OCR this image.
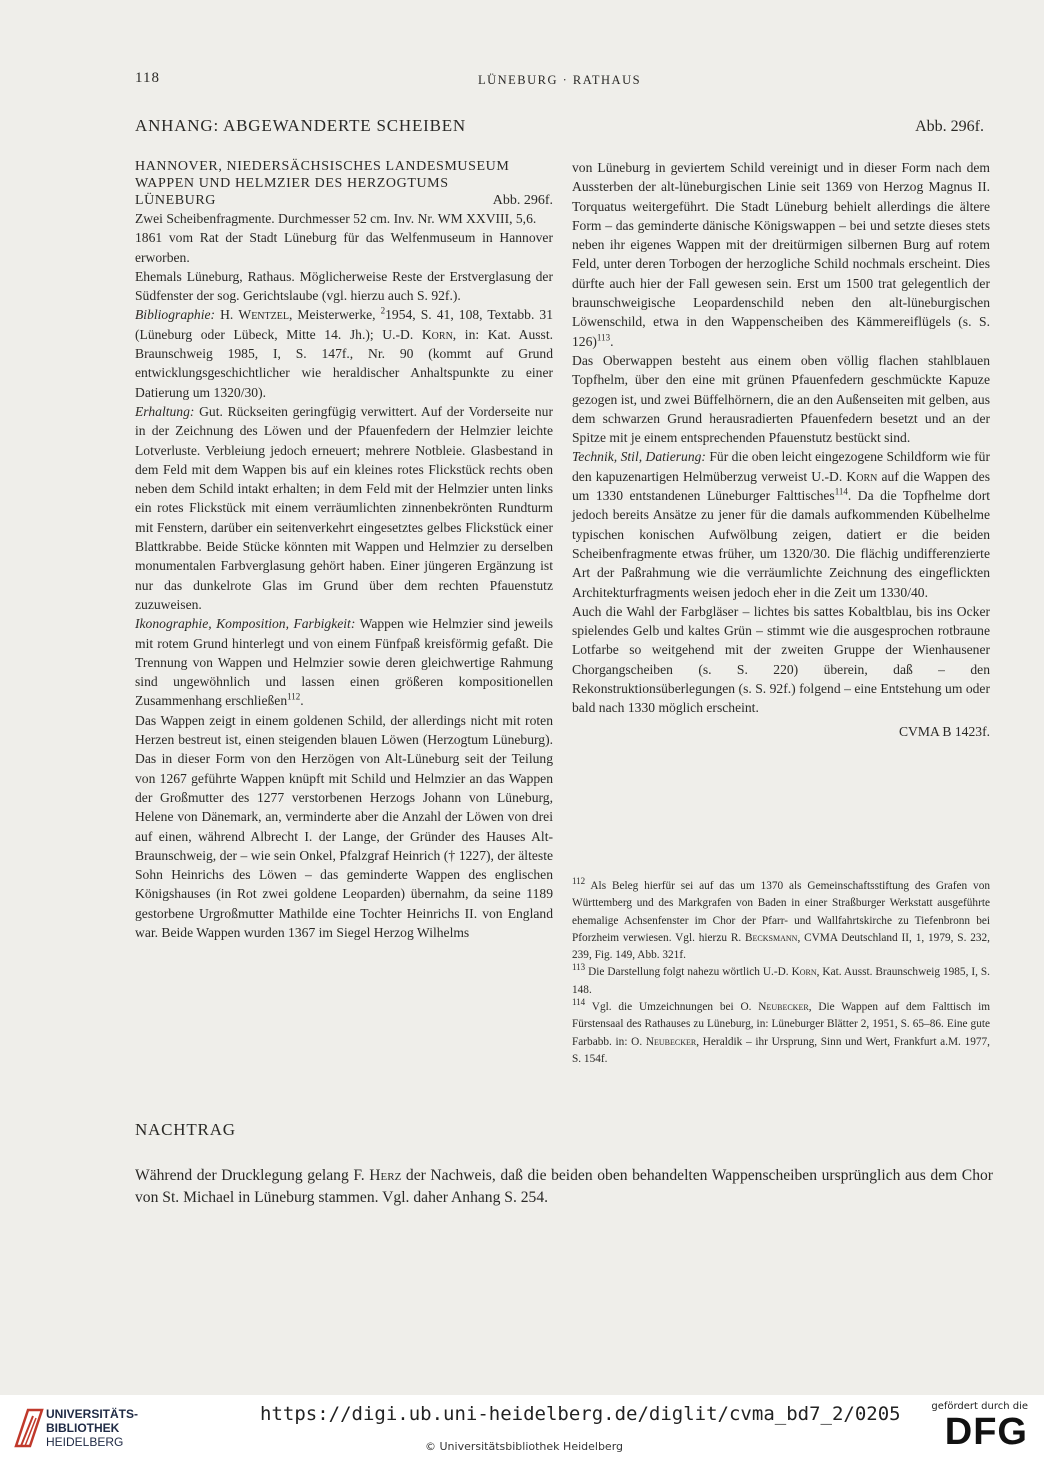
118	LÜNEBURG · RATHAUS
ANHANG: ABGEWANDERTE SCHEIBEN	Abb. 296f.
HANNOVER, NIEDERSÄCHSISCHES LANDESMUSEUM
WAPPEN UND HELMZIER DES HERZOGTUMS
LÜNEBURG	Abb. 296f.

Zwei Scheibenfragmente. Durchmesser 52 cm. Inv. Nr. WM XXVIII, 5,6.

1861 vom Rat der Stadt Lüneburg für das Welfenmuseum in Hannover erworben.

Ehemals Lüneburg, Rathaus. Möglicherweise Reste der Erstverglasung der Südfenster der sog. Gerichtslaube (vgl. hierzu auch S. 92f.).

Bibliographie: H. Wentzel, Meisterwerke, $^2$1954, S. 41, 108, Textabb. 31 (Lüneburg oder Lübeck, Mitte 14. Jh.); U.-D. Korn, in: Kat. Ausst. Braunschweig 1985, I, S. 147f., Nr. 90 (kommt auf Grund entwicklungsgeschichtlicher wie heraldischer Anhaltspunkte zu einer Datierung um 1320/30).

Erhaltung: Gut. Rückseiten geringfügig verwittert. Auf der Vorderseite nur in der Zeichnung des Löwen und der Pfauenfedern der Helmzier leichte Lotverluste. Verbleiung jedoch erneuert; mehrere Notbleie. Glasbestand in dem Feld mit dem Wappen bis auf ein kleines rotes Flickstück rechts oben neben dem Schild intakt erhalten; in dem Feld mit der Helmzier unten links ein rotes Flickstück mit einem verräumlichten zinnenbekrönten Rundturm mit Fenstern, darüber ein seitenverkehrt eingesetztes gelbes Flickstück einer Blattkrabbe. Beide Stücke könnten mit Wappen und Helmzier zu derselben monumentalen Farbverglasung gehört haben. Einer jüngeren Ergänzung ist nur das dunkelrote Glas im Grund über dem rechten Pfauenstutz zuzuweisen.

Ikonographie, Komposition, Farbigkeit: Wappen wie Helmzier sind jeweils mit rotem Grund hinterlegt und von einem Fünfpaß kreisförmig gefaßt. Die Trennung von Wappen und Helmzier sowie deren gleichwertige Rahmung sind ungewöhnlich und lassen einen größeren kompositionellen Zusammenhang erschließen$^{112}$.

Das Wappen zeigt in einem goldenen Schild, der allerdings nicht mit roten Herzen bestreut ist, einen steigenden blauen Löwen (Herzogtum Lüneburg). Das in dieser Form von den Herzögen von Alt-Lüneburg seit der Teilung von 1267 geführte Wappen knüpft mit Schild und Helmzier an das Wappen der Großmutter des 1277 verstorbenen Herzogs Johann von Lüneburg, Helene von Dänemark, an, verminderte aber die Anzahl der Löwen von drei auf einen, während Albrecht I. der Lange, der Gründer des Hauses Alt-Braunschweig, der – wie sein Onkel, Pfalzgraf Heinrich († 1227), der älteste Sohn Heinrichs des Löwen – das geminderte Wappen des englischen Königshauses (in Rot zwei goldene Leoparden) übernahm, da seine 1189 gestorbene Urgroßmutter Mathilde eine Tochter Heinrichs II. von England war. Beide Wappen wurden 1367 im Siegel Herzog Wilhelms

von Lüneburg in geviertem Schild vereinigt und in dieser Form nach dem Aussterben der alt-lüneburgischen Linie seit 1369 von Herzog Magnus II. Torquatus weitergeführt. Die Stadt Lüneburg behielt allerdings die ältere Form – das geminderte dänische Königswappen – bei und setzte dieses stets neben ihr eigenes Wappen mit der dreitürmigen silbernen Burg auf rotem Feld, unter deren Torbogen der herzogliche Schild nochmals erscheint. Dies dürfte auch hier der Fall gewesen sein. Erst um 1500 trat gelegentlich der braunschweigische Leopardenschild neben den alt-lüneburgischen Löwenschild, etwa in den Wappenscheiben des Kämmereiflügels (s. S. 126)$^{113}$.

Das Oberwappen besteht aus einem oben völlig flachen stahlblauen Topfhelm, über den eine mit grünen Pfauenfedern geschmückte Kapuze gezogen ist, und zwei Büffelhörnern, die an den Außenseiten mit gelben, aus dem schwarzen Grund herausradierten Pfauenfedern besetzt und an der Spitze mit je einem entsprechenden Pfauenstutz bestückt sind.

Technik, Stil, Datierung: Für die oben leicht eingezogene Schildform wie für den kapuzenartigen Helmüberzug verweist U.-D. Korn auf die Wappen des um 1330 entstandenen Lüneburger Falttisches$^{114}$. Da die Topfhelme dort jedoch bereits Ansätze zu jener für die damals aufkommenden Kübelhelme typischen konischen Aufwölbung zeigen, datiert er die beiden Scheibenfragmente etwas früher, um 1320/30. Die flächig undifferenzierte Art der Paßrahmung wie die verräumlichte Zeichnung des eingeflickten Architekturfragments weisen jedoch eher in die Zeit um 1330/40.

Auch die Wahl der Farbgläser – lichtes bis sattes Kobaltblau, bis ins Ocker spielendes Gelb und kaltes Grün – stimmt wie die ausgesprochen rotbraune Lotfarbe so weitgehend mit der zweiten Gruppe der Wienhausener Chorgangscheiben (s. S. 220) überein, daß – den Rekonstruktionsüberlegungen (s. S. 92f.) folgend – eine Entstehung um oder bald nach 1330 möglich erscheint.

CVMA B 1423f.

$^{112}$ Als Beleg hierfür sei auf das um 1370 als Gemeinschaftsstiftung des Grafen von Württemberg und des Markgrafen von Baden in einer Straßburger Werkstatt ausgeführte ehemalige Achsenfenster im Chor der Pfarr- und Wallfahrtskirche zu Tiefenbronn bei Pforzheim verwiesen. Vgl. hierzu R. Becksmann, CVMA Deutschland II, 1, 1979, S. 232, 239, Fig. 149, Abb. 321f.

$^{113}$ Die Darstellung folgt nahezu wörtlich U.-D. Korn, Kat. Ausst. Braunschweig 1985, I, S. 148.

$^{114}$ Vgl. die Umzeichnungen bei O. Neubecker, Die Wappen auf dem Falttisch im Fürstensaal des Rathauses zu Lüneburg, in: Lüneburger Blätter 2, 1951, S. 65–86. Eine gute Farbabb. in: O. Neubecker, Heraldik – ihr Ursprung, Sinn und Wert, Frankfurt a.M. 1977, S. 154f.

NACHTRAG
Während der Drucklegung gelang F. Herz der Nachweis, daß die beiden oben behandelten Wappenscheiben ursprünglich aus dem Chor von St. Michael in Lüneburg stammen. Vgl. daher Anhang S. 254.
UNIVERSITÄTS-
BIBLIOTHEK
HEIDELBERG
https://digi.ub.uni-heidelberg.de/diglit/cvma_bd7_2/0205
© Universitätsbibliothek Heidelberg
gefördert durch die
DFG
